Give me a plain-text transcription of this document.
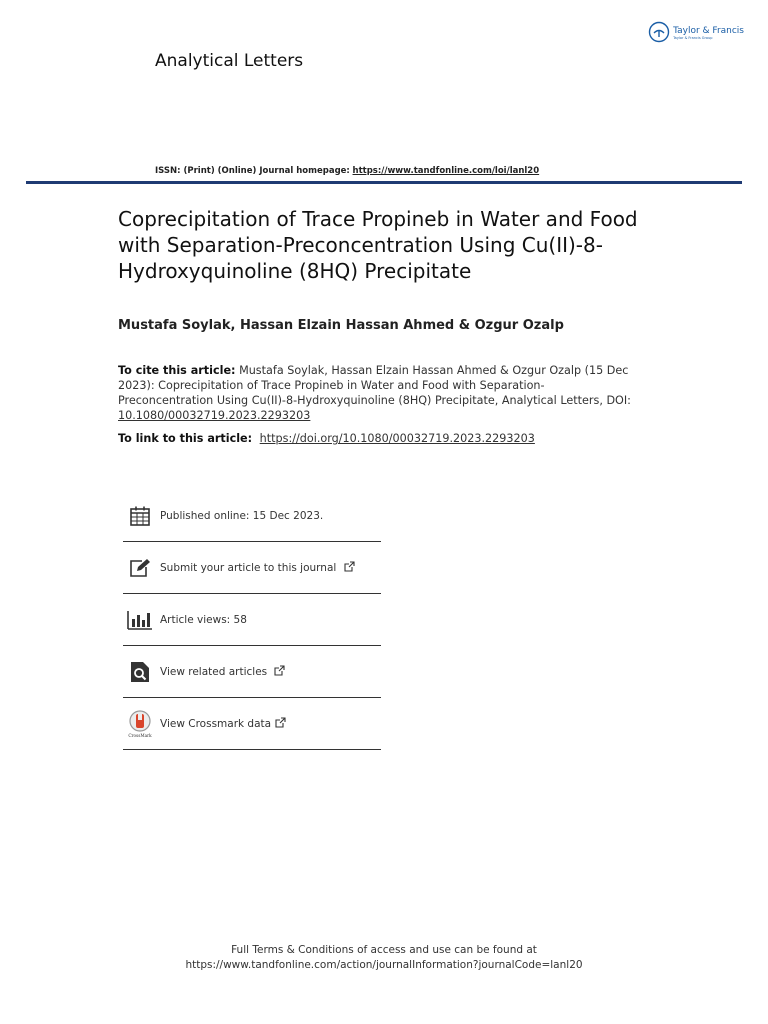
Analytical Letters
Taylor & Francis
Taylor & Francis Group
ISSN: (Print) (Online) Journal homepage: https://www.tandfonline.com/loi/lanl20
Coprecipitation of Trace Propineb in Water and Food with Separation-Preconcentration Using Cu(II)-8-Hydroxyquinoline (8HQ) Precipitate
Mustafa Soylak, Hassan Elzain Hassan Ahmed & Ozgur Ozalp
To cite this article: Mustafa Soylak, Hassan Elzain Hassan Ahmed & Ozgur Ozalp (15 Dec 2023): Coprecipitation of Trace Propineb in Water and Food with Separation-Preconcentration Using Cu(II)-8-Hydroxyquinoline (8HQ) Precipitate, Analytical Letters, DOI: 10.1080/00032719.2023.2293203
To link to this article: https://doi.org/10.1080/00032719.2023.2293203
Published online: 15 Dec 2023.
Submit your article to this journal
Article views: 58
View related articles
CrossMark
View Crossmark data
Full Terms & Conditions of access and use can be found at
https://www.tandfonline.com/action/journalInformation?journalCode=lanl20
